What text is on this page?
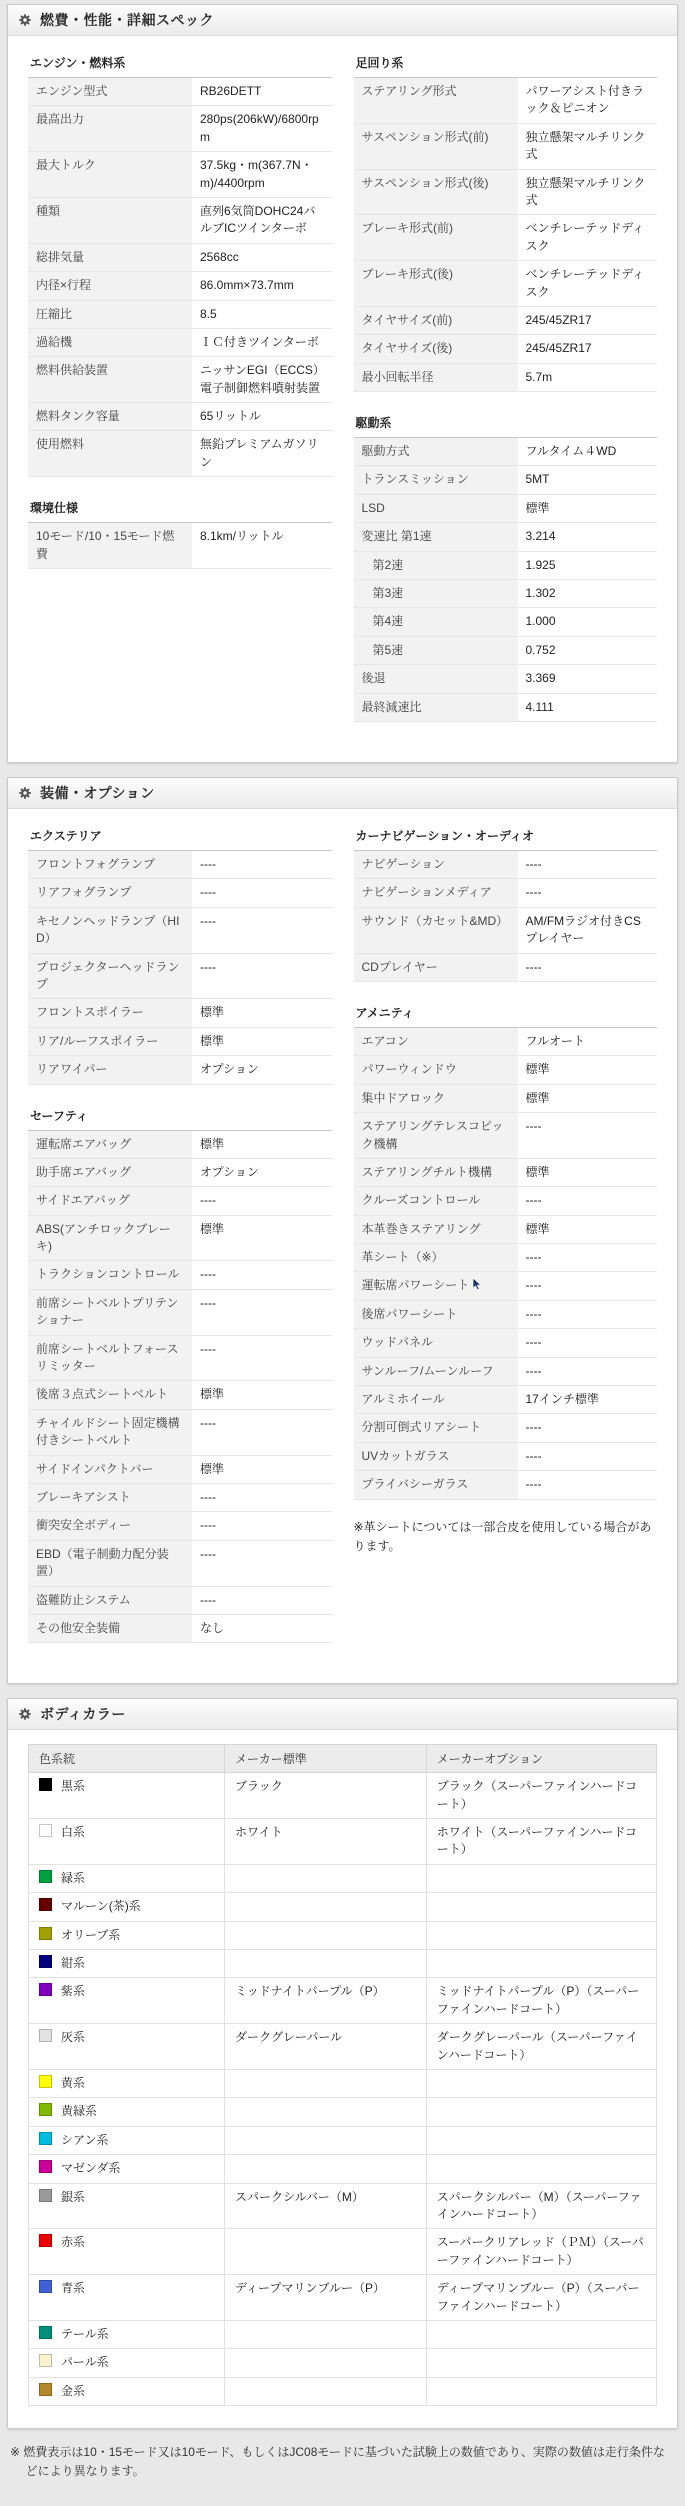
燃費・性能・詳細スペック
エンジン・燃料系
エンジン型式	RB26DETT
最高出力	280ps(206kW)/6800rpm
最大トルク	37.5kg・m(367.7N・m)/4400rpm
種類	直列6気筒DOHC24バルブICツインターボ
総排気量	2568cc
内径×行程	86.0mm×73.7mm
圧縮比	8.5
過給機	ＩＣ付きツインターボ
燃料供給装置	ニッサンEGI（ECCS）電子制御燃料噴射装置
燃料タンク容量	65リットル
使用燃料	無鉛プレミアムガソリン
環境仕様
10モード/10・15モード燃費	8.1km/リットル
足回り系
ステアリング形式	パワーアシスト付きラック＆ピニオン
サスペンション形式(前)	独立懸架マルチリンク式
サスペンション形式(後)	独立懸架マルチリンク式
ブレーキ形式(前)	ベンチレーテッドディスク
ブレーキ形式(後)	ベンチレーテッドディスク
タイヤサイズ(前)	245/45ZR17
タイヤサイズ(後)	245/45ZR17
最小回転半径	5.7m
駆動系
駆動方式	フルタイム４WD
トランスミッション	5MT
LSD	標準
変速比 第1速	3.214
第2速	1.925
第3速	1.302
第4速	1.000
第5速	0.752
後退	3.369
最終減速比	4.111
装備・オプション
エクステリア
フロントフォグランプ	----
リアフォグランプ	----
キセノンヘッドランプ（HID）	----
プロジェクターヘッドランプ	----
フロントスポイラー	標準
リア/ルーフスポイラー	標準
リアワイパー	オプション
セーフティ
運転席エアバッグ	標準
助手席エアバッグ	オプション
サイドエアバッグ	----
ABS(アンチロックブレーキ)	標準
トラクションコントロール	----
前席シートベルトプリテンショナー	----
前席シートベルトフォースリミッター	----
後席３点式シートベルト	標準
チャイルドシート固定機構付きシートベルト	----
サイドインパクトバー	標準
ブレーキアシスト	----
衝突安全ボディー	----
EBD（電子制動力配分装置）	----
盗難防止システム	----
その他安全装備	なし
カーナビゲーション・オーディオ
ナビゲーション	----
ナビゲーションメディア	----
サウンド（カセット&MD）	AM/FMラジオ付きCSプレイヤー
CDプレイヤー	----
アメニティ
エアコン	フルオート
パワーウィンドウ	標準
集中ドアロック	標準
ステアリングテレスコピック機構	----
ステアリングチルト機構	標準
クルーズコントロール	----
本革巻きステアリング	標準
革シート（※）	----
運転席パワーシート	----
後席パワーシート	----
ウッドパネル	----
サンルーフ/ムーンルーフ	----
アルミホイール	17インチ標準
分割可倒式リアシート	----
UVカットガラス	----
プライバシーガラス	----

※革シートについては一部合皮を使用している場合があります。

ボディカラー
色系統	メーカー標準	メーカーオプション
黒系	ブラック	ブラック（スーパーファインハードコート）
白系	ホワイト	ホワイト（スーパーファインハードコート）
緑系		
マルーン(茶)系		
オリーブ系		
紺系		
紫系	ミッドナイトパープル（P）	ミッドナイトパープル（P）（スーパーファインハードコート）
灰系	ダークグレーパール	ダークグレーパール（スーパーファインハードコート）
黄系		
黄緑系		
シアン系		
マゼンダ系		
銀系	スパークシルバー（M）	スパークシルバー（M）（スーパーファインハードコート）
赤系		スーパークリアレッド（ＰＭ）（スーパーファインハードコート）
青系	ディープマリンブルー（P）	ディープマリンブルー（P）（スーパーファインハードコート）
テール系		
パール系		
金系		

※ 燃費表示は10・15モード又は10モード、もしくはJC08モードに基づいた試験上の数値であり、実際の数値は走行条件などにより異なります。
